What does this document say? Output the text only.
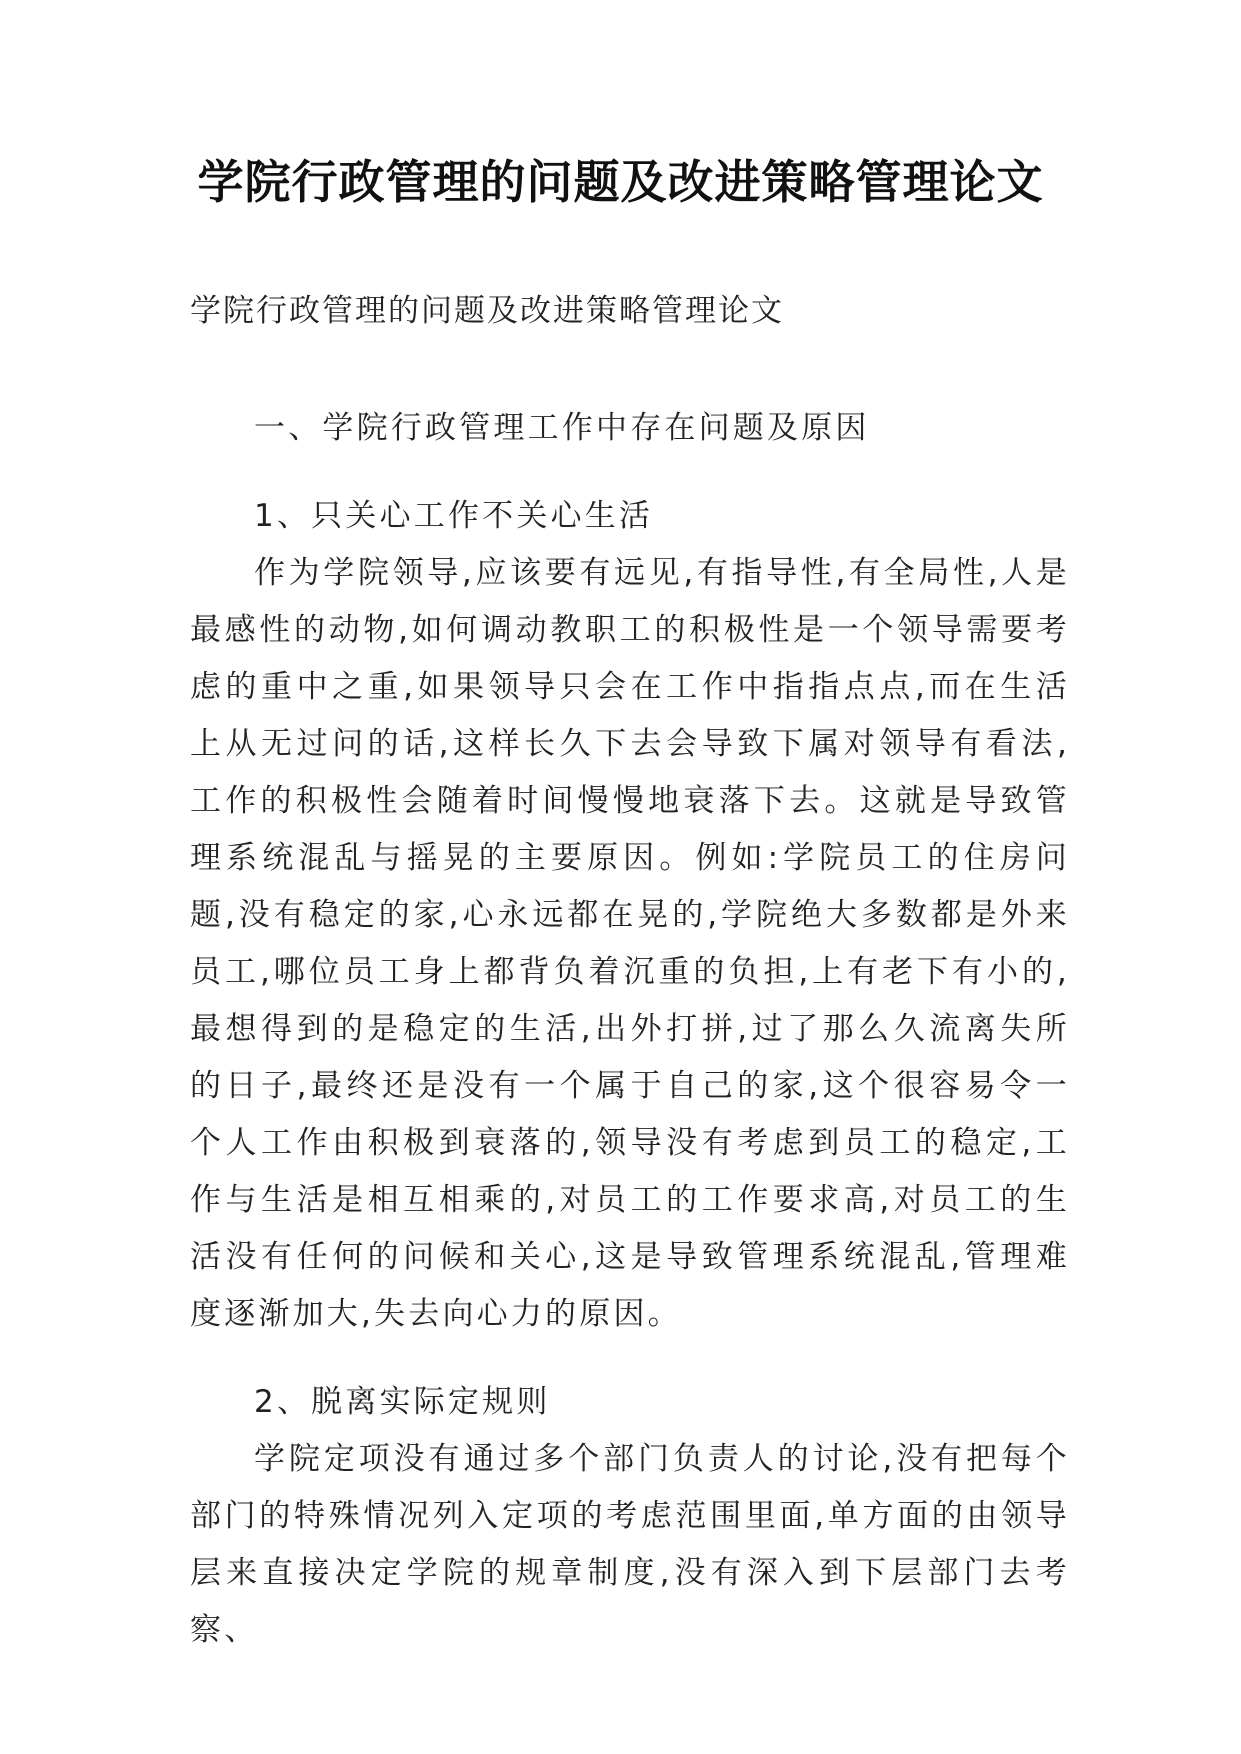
学院行政管理的问题及改进策略管理论文
学院行政管理的问题及改进策略管理论文

一、学院行政管理工作中存在问题及原因

1、只关心工作不关心生活

作为学院领导,应该要有远见,有指导性,有全局性,人是最感性的动物,如何调动教职工的积极性是一个领导需要考虑的重中之重,如果领导只会在工作中指指点点,而在生活上从无过问的话,这样长久下去会导致下属对领导有看法,工作的积极性会随着时间慢慢地衰落下去。这就是导致管理系统混乱与摇晃的主要原因。例如:学院员工的住房问题,没有稳定的家,心永远都在晃的,学院绝大多数都是外来员工,哪位员工身上都背负着沉重的负担,上有老下有小的,最想得到的是稳定的生活,出外打拼,过了那么久流离失所的日子,最终还是没有一个属于自己的家,这个很容易令一个人工作由积极到衰落的,领导没有考虑到员工的稳定,工作与生活是相互相乘的,对员工的工作要求高,对员工的生活没有任何的问候和关心,这是导致管理系统混乱,管理难度逐渐加大,失去向心力的原因。

2、脱离实际定规则

学院定项没有通过多个部门负责人的讨论,没有把每个部门的特殊情况列入定项的考虑范围里面,单方面的由领导层来直接决定学院的规章制度,没有深入到下层部门去考察、
